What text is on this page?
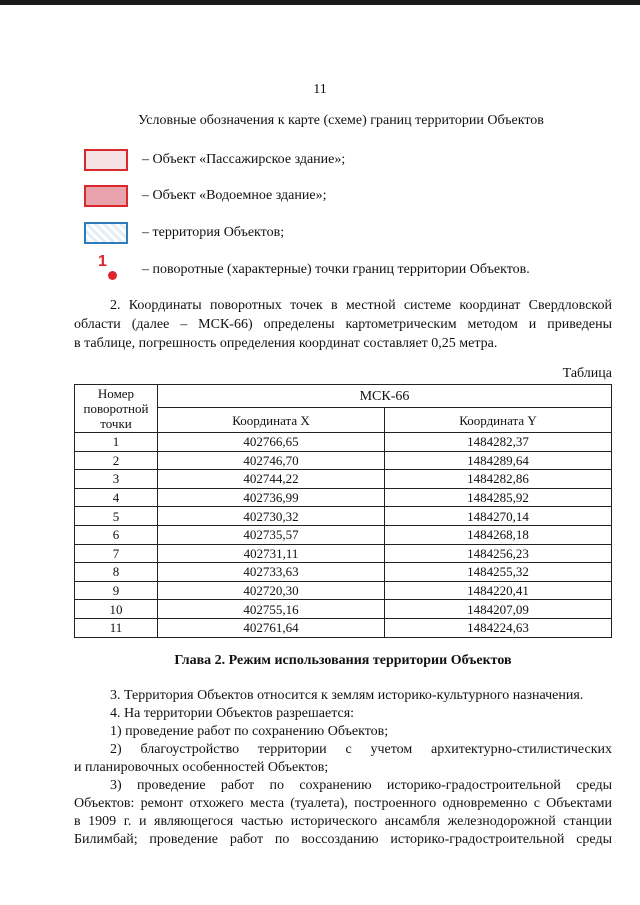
11
Условные обозначения к карте (схеме) границ территории Объектов
– Объект «Пассажирское здание»;
– Объект «Водоемное здание»;
– территория Объектов;
1	– поворотные (характерные) точки границ территории Объектов.
2. Координаты поворотных точек в местной системе координат Свердловской
области (далее – МСК-66) определены картометрическим методом и приведены
в таблице, погрешность определения координат составляет 0,25 метра.
Таблица
Номер поворотной точки	МСК-66	
	Координата X	Координата Y
1	402766,65	1484282,37
2	402746,70	1484289,64
3	402744,22	1484282,86
4	402736,99	1484285,92
5	402730,32	1484270,14
6	402735,57	1484268,18
7	402731,11	1484256,23
8	402733,63	1484255,32
9	402720,30	1484220,41
10	402755,16	1484207,09
11	402761,64	1484224,63
Глава 2. Режим использования территории Объектов
3. Территория Объектов относится к землям историко-культурного назначения.
4. На территории Объектов разрешается:
1) проведение работ по сохранению Объектов;
2) благоустройство территории с учетом архитектурно-стилистических
и планировочных особенностей Объектов;
3) проведение работ по сохранению историко-градостроительной среды
Объектов: ремонт отхожего места (туалета), построенного одновременно с Объектами
в 1909 г. и являющегося частью исторического ансамбля железнодорожной станции
Билимбай; проведение работ по воссозданию историко-градостроительной среды
